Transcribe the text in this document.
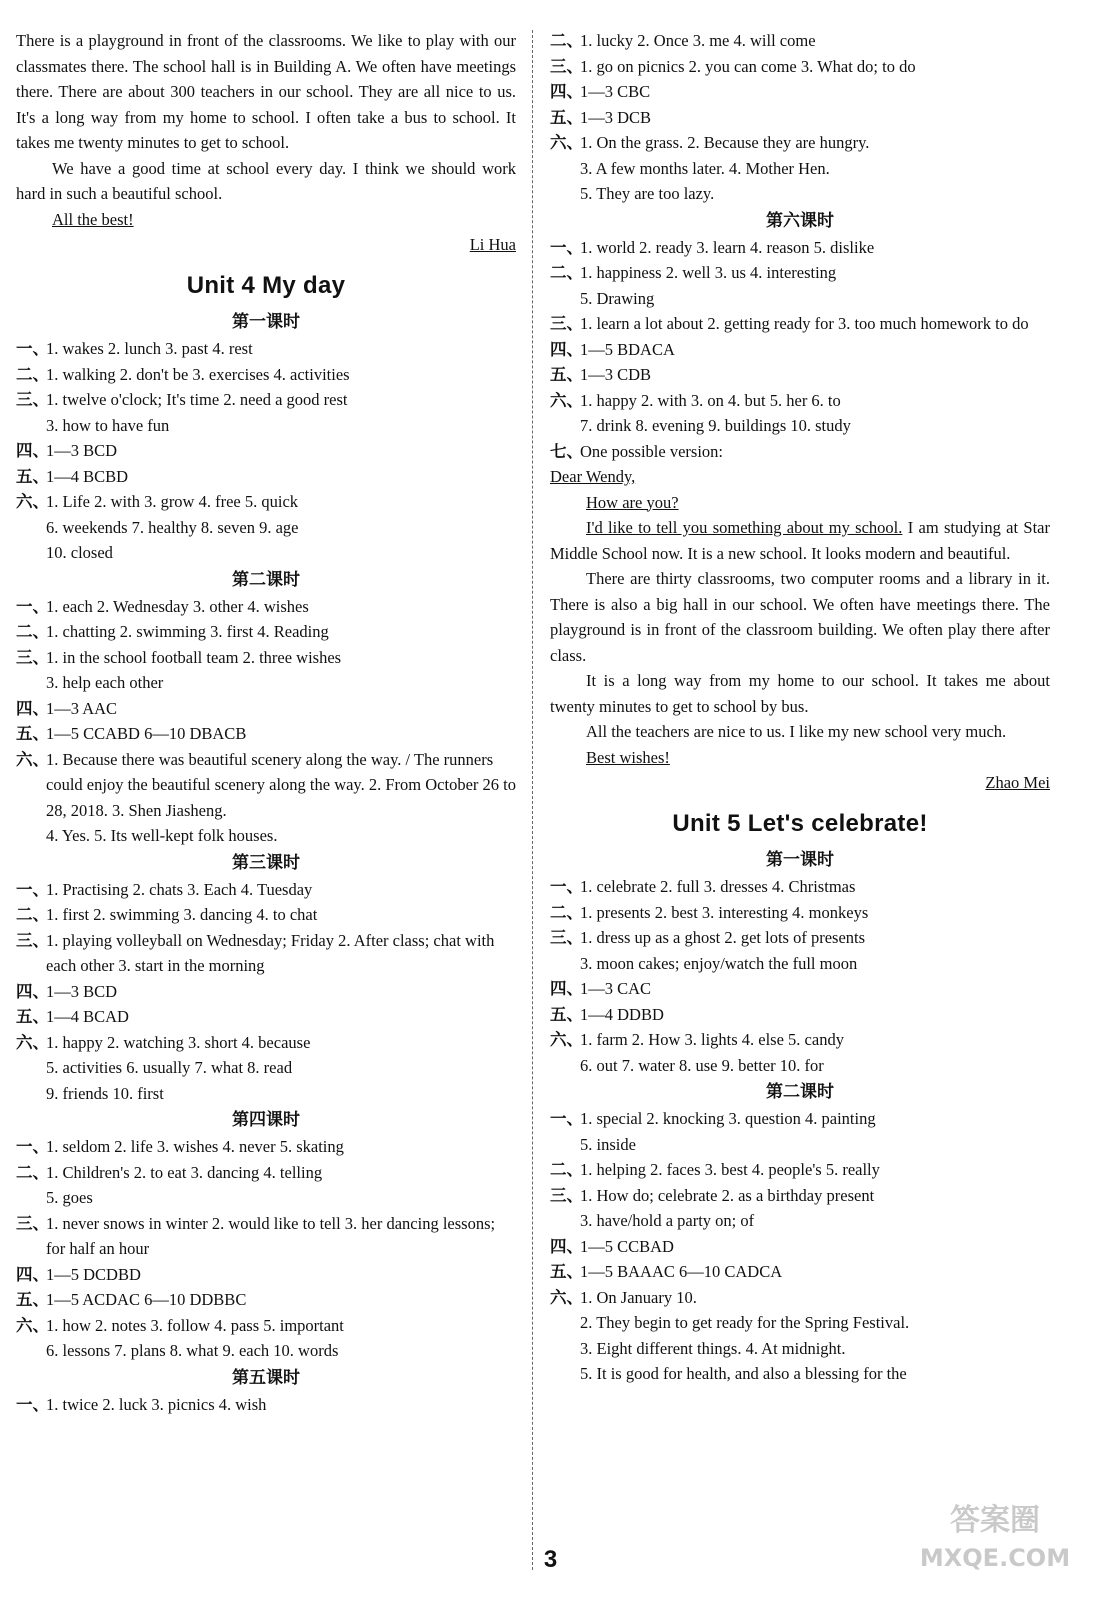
There is a playground in front of the classrooms. We like to play with our classmates there. The school hall is in Building A. We often have meetings there. There are about 300 teachers in our school. They are all nice to us. It's a long way from my home to school. I often take a bus to school. It takes me twenty minutes to get to school.

We have a good time at school every day. I think we should work hard in such a beautiful school.

All the best!

Li Hua

Unit 4 My day
第一课时
一、
1. wakes 2. lunch 3. past 4. rest
二、
1. walking 2. don't be 3. exercises 4. activities
三、
1. twelve o'clock; It's time 2. need a good rest
3. how to have fun
四、
1—3 BCD
五、
1—4 BCBD
六、
1. Life 2. with 3. grow 4. free 5. quick
6. weekends 7. healthy 8. seven 9. age
10. closed
第二课时
一、
1. each 2. Wednesday 3. other 4. wishes
二、
1. chatting 2. swimming 3. first 4. Reading
三、
1. in the school football team 2. three wishes
3. help each other
四、
1—3 AAC
五、
1—5 CCABD 6—10 DBACB
六、
1. Because there was beautiful scenery along the way. / The runners could enjoy the beautiful scenery along the way. 2. From October 26 to 28, 2018. 3. Shen Jiasheng.
4. Yes. 5. Its well-kept folk houses.
第三课时
一、
1. Practising 2. chats 3. Each 4. Tuesday
二、
1. first 2. swimming 3. dancing 4. to chat
三、
1. playing volleyball on Wednesday; Friday 2. After class; chat with each other 3. start in the morning
四、
1—3 BCD
五、
1—4 BCAD
六、
1. happy 2. watching 3. short 4. because
5. activities 6. usually 7. what 8. read
9. friends 10. first
第四课时
一、
1. seldom 2. life 3. wishes 4. never 5. skating
二、
1. Children's 2. to eat 3. dancing 4. telling
5. goes
三、
1. never snows in winter 2. would like to tell 3. her dancing lessons; for half an hour
四、
1—5 DCDBD
五、
1—5 ACDAC 6—10 DDBBC
六、
1. how 2. notes 3. follow 4. pass 5. important
6. lessons 7. plans 8. what 9. each 10. words
第五课时
一、
1. twice 2. luck 3. picnics 4. wish
二、
1. lucky 2. Once 3. me 4. will come
三、
1. go on picnics 2. you can come 3. What do; to do
四、
1—3 CBC
五、
1—3 DCB
六、
1. On the grass. 2. Because they are hungry.
3. A few months later. 4. Mother Hen.
5. They are too lazy.
第六课时
一、
1. world 2. ready 3. learn 4. reason 5. dislike
二、
1. happiness 2. well 3. us 4. interesting
5. Drawing
三、
1. learn a lot about 2. getting ready for 3. too much homework to do
四、
1—5 BDACA
五、
1—3 CDB
六、
1. happy 2. with 3. on 4. but 5. her 6. to
7. drink 8. evening 9. buildings 10. study
七、
One possible version:

Dear Wendy,

How are you?

I'd like to tell you something about my school. I am studying at Star Middle School now. It is a new school. It looks modern and beautiful.

There are thirty classrooms, two computer rooms and a library in it. There is also a big hall in our school. We often have meetings there. The playground is in front of the classroom building. We often play there after class.

It is a long way from my home to our school. It takes me about twenty minutes to get to school by bus.

All the teachers are nice to us. I like my new school very much.

Best wishes!

Zhao Mei

Unit 5 Let's celebrate!
第一课时
一、
1. celebrate 2. full 3. dresses 4. Christmas
二、
1. presents 2. best 3. interesting 4. monkeys
三、
1. dress up as a ghost 2. get lots of presents
3. moon cakes; enjoy/watch the full moon
四、
1—3 CAC
五、
1—4 DDBD
六、
1. farm 2. How 3. lights 4. else 5. candy
6. out 7. water 8. use 9. better 10. for
第二课时
一、
1. special 2. knocking 3. question 4. painting
5. inside
二、
1. helping 2. faces 3. best 4. people's 5. really
三、
1. How do; celebrate 2. as a birthday present
3. have/hold a party on; of
四、
1—5 CCBAD
五、
1—5 BAAAC 6—10 CADCA
六、
1. On January 10.
2. They begin to get ready for the Spring Festival.
3. Eight different things. 4. At midnight.
5. It is good for health, and also a blessing for the
3
答案圈
MXQE.COM
